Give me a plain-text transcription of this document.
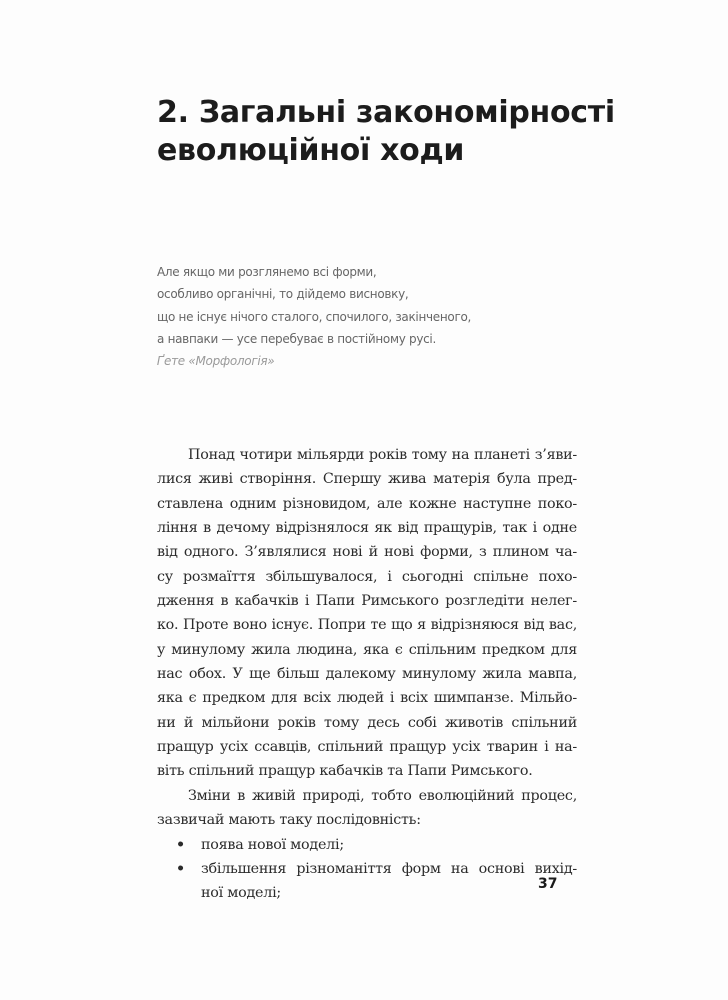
2. Загальні закономірності
еволюційної ходи
Але якщо ми розглянемо всі форми,
особливо органічні, то дійдемо висновку,
що не існує нічого сталого, спочилого, закінченого,
а навпаки — усе перебуває в постійному русі.
Ґете «Морфологія»
Понад чотири мільярди років тому на планеті з’яви-
лися живі створіння. Спершу жива матерія була пред-
ставлена одним різновидом, але кожне наступне поко-
ління в дечому відрізнялося як від пращурів, так і одне
від одного. З’являлися нові й нові форми, з плином ча-
су розмаїття збільшувалося, і сьогодні спільне похо-
дження в кабачків і Папи Римського розгледіти нелег-
ко. Проте воно існує. Попри те що я відрізняюся від вас,
у минулому жила людина, яка є спільним предком для
нас обох. У ще більш далекому минулому жила мавпа,
яка є предком для всіх людей і всіх шимпанзе. Мільйо-
ни й мільйони років тому десь собі животів спільний
пращур усіх ссавців, спільний пращур усіх тварин і на-
віть спільний пращур кабачків та Папи Римського.
Зміни в живій природі, тобто еволюційний процес,
зазвичай мають таку послідовність:
•	поява нової моделі;
•	збільшення різноманіття форм на основі вихід-
ної моделі;
37
